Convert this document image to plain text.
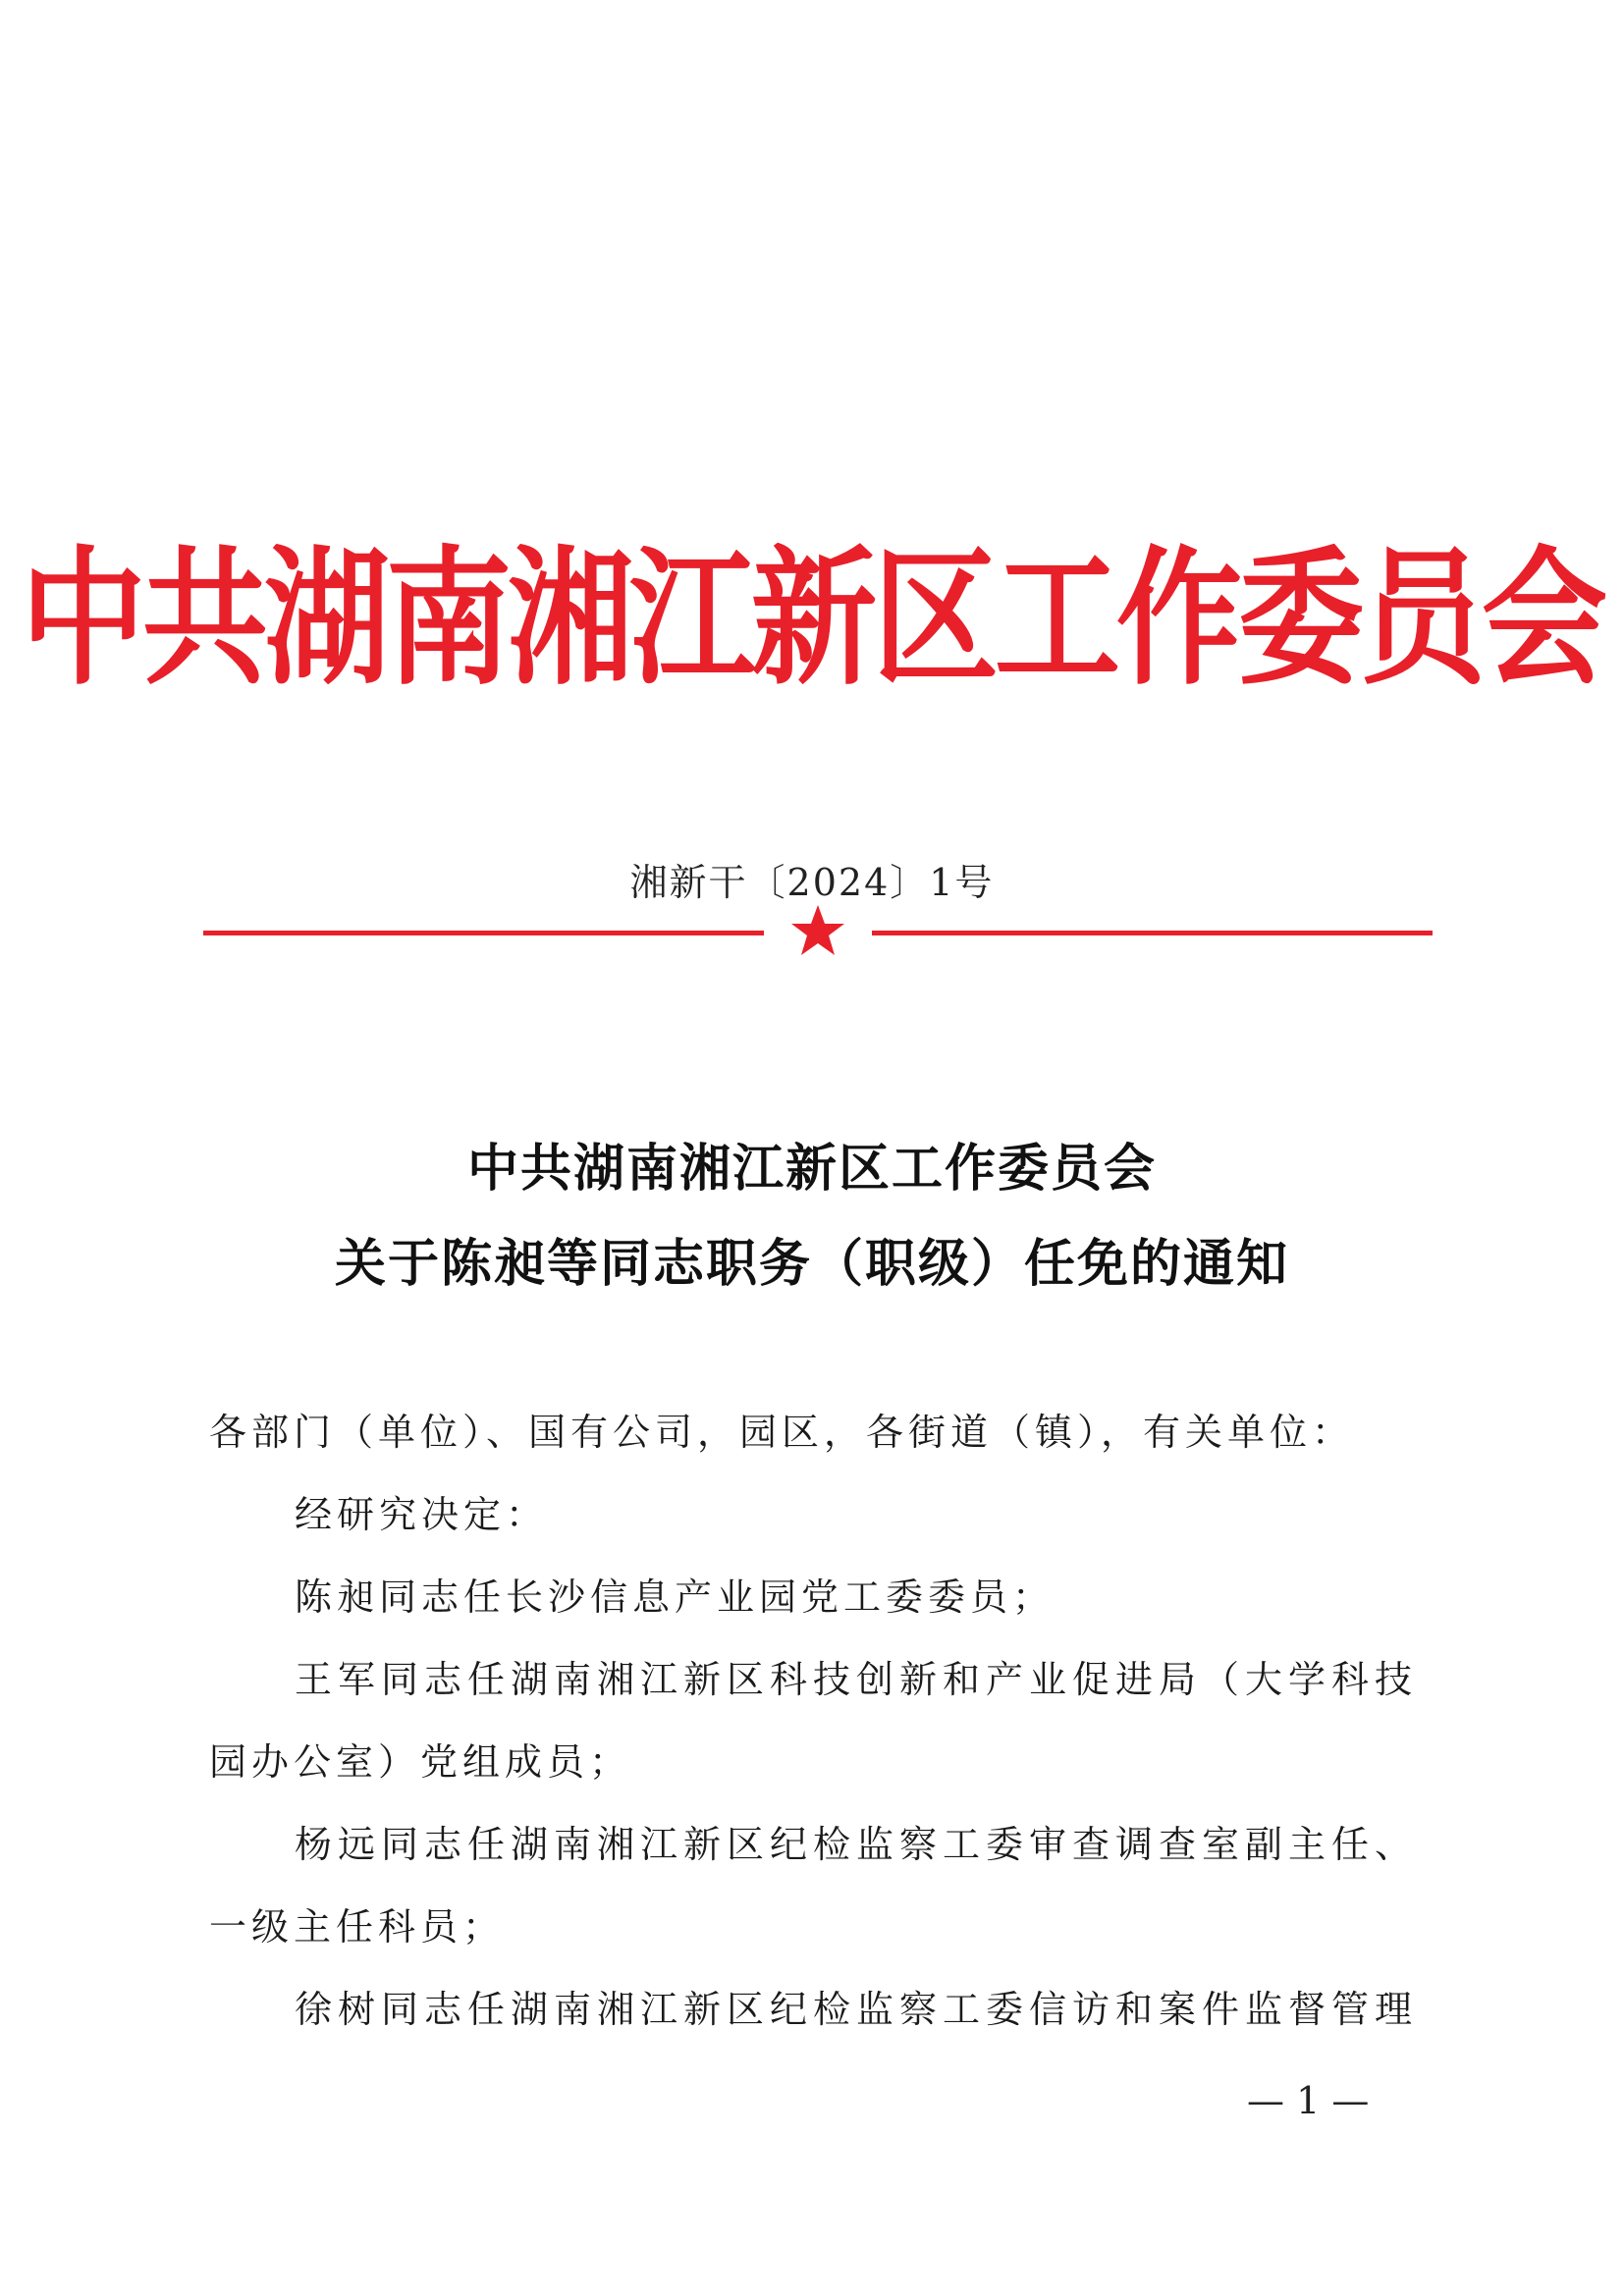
中共湖南湘江新区工作委员会
湘新干〔2024〕1号
中共湖南湘江新区工作委员会
关于陈昶等同志职务（职级）任免的通知
各部门（单位）、国有公司，园区，各街道（镇），有关单位：
经研究决定：
陈昶同志任长沙信息产业园党工委委员；
王军同志任湖南湘江新区科技创新和产业促进局（大学科技
园办公室）党组成员；
杨远同志任湖南湘江新区纪检监察工委审查调查室副主任、
一级主任科员；
徐树同志任湖南湘江新区纪检监察工委信访和案件监督管理
— 1 —
